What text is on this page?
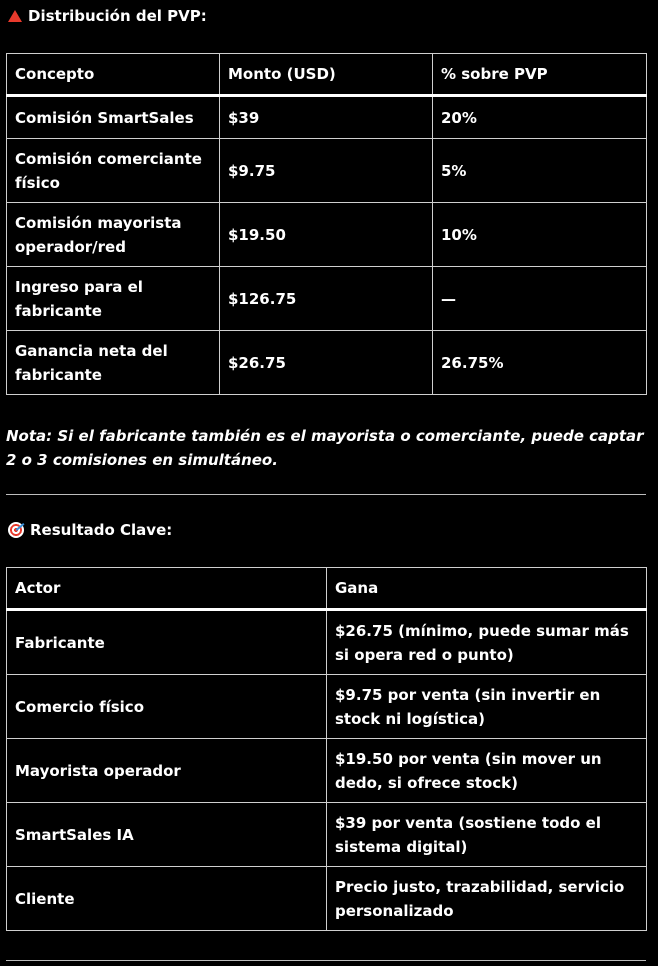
Distribución del PVP:
Concepto	Monto (USD)	% sobre PVP
Comisión SmartSales	$39	20%
Comisión comerciante físico	$9.75	5%
Comisión mayorista operador/red	$19.50	10%
Ingreso para el fabricante	$126.75	—
Ganancia neta del fabricante	$26.75	26.75%
Nota: Si el fabricante también es el mayorista o comerciante, puede captar 2 o 3 comisiones en simultáneo.
Resultado Clave:
Actor	Gana
Fabricante	$26.75 (mínimo, puede sumar más si opera red o punto)
Comercio físico	$9.75 por venta (sin invertir en stock ni logística)
Mayorista operador	$19.50 por venta (sin mover un dedo, si ofrece stock)
SmartSales IA	$39 por venta (sostiene todo el sistema digital)
Cliente	Precio justo, trazabilidad, servicio personalizado
